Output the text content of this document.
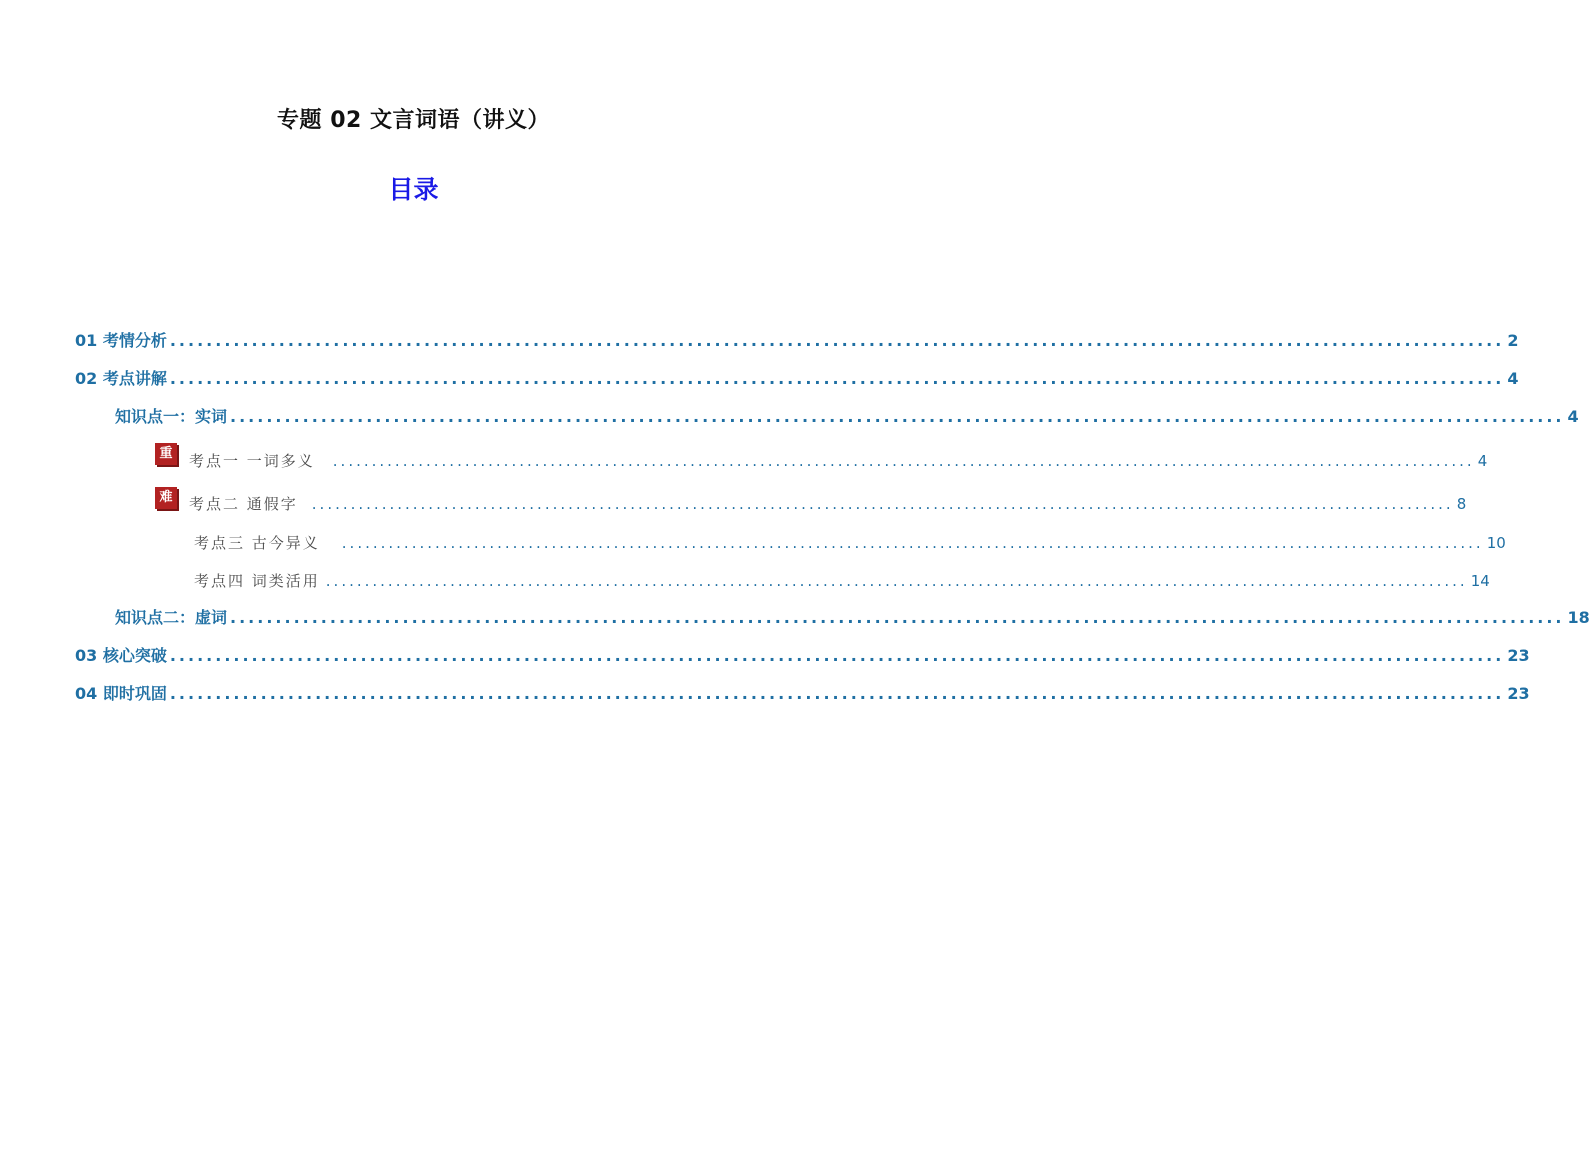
专题 02 文言词语（讲义）
目录
01 考情分析 ................................................................................................................................................... 2
02 考点讲解 ................................................................................................................................................... 4
知识点一：实词 ................................................................................................................................................... 4
重	考点一 一词多义 ................................................................................................................................................... 4
难	考点二 通假字 ................................................................................................................................................... 8
考点三 古今异义 ................................................................................................................................................... 10
考点四 词类活用 ................................................................................................................................................... 14
知识点二：虚词 ................................................................................................................................................... 18
03 核心突破 ................................................................................................................................................... 23
04 即时巩固 ................................................................................................................................................... 23
